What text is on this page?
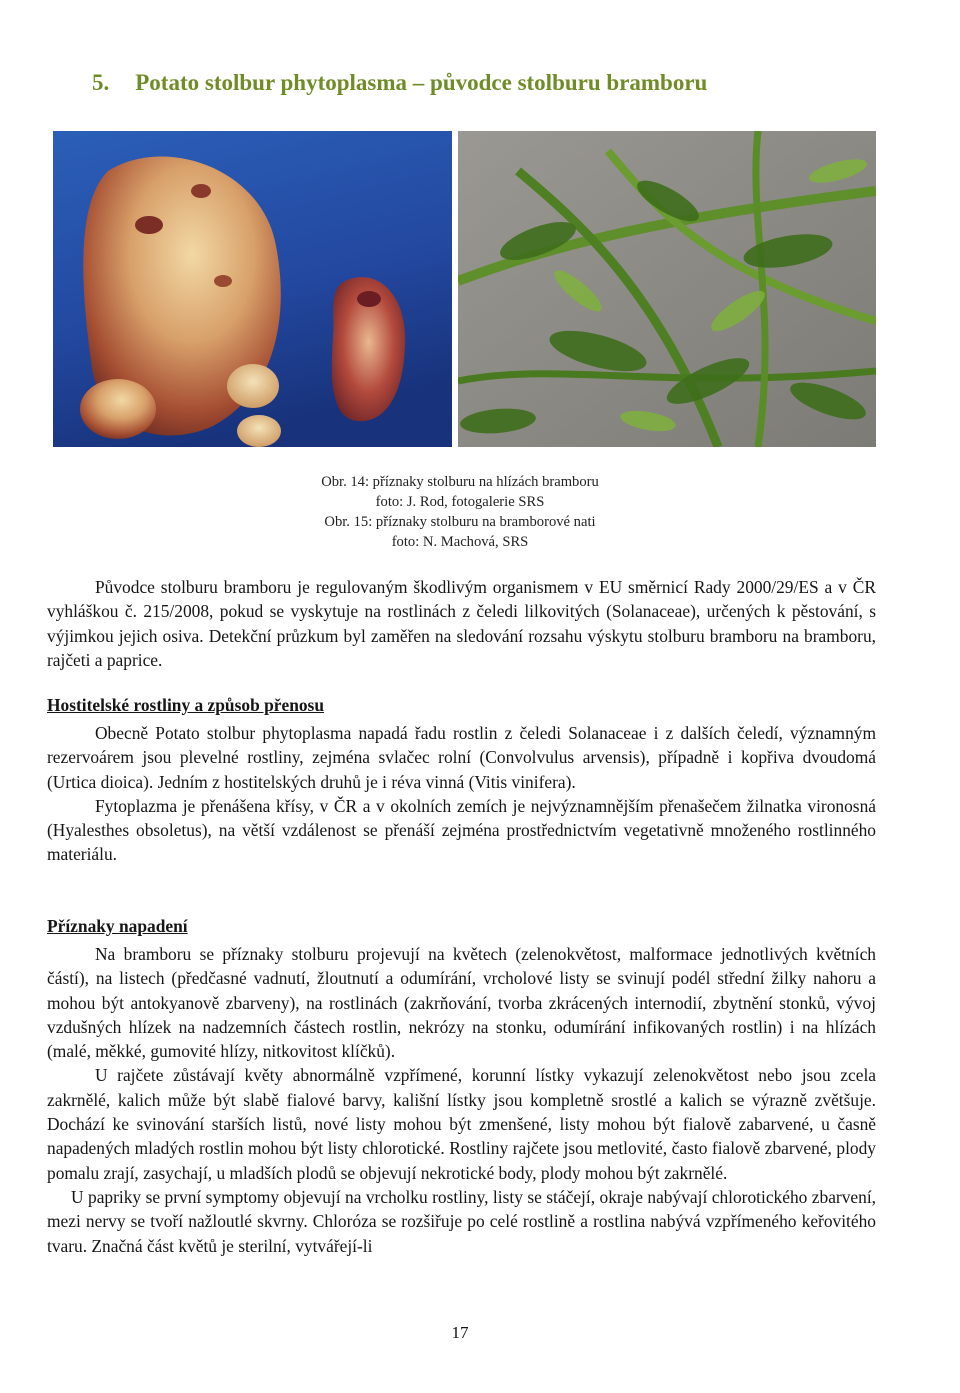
5. Potato stolbur phytoplasma – původce stolburu bramboru
Obr. 14: příznaky stolburu na hlízách bramboru
foto: J. Rod, fotogalerie SRS
Obr. 15: příznaky stolburu na bramborové nati
foto: N. Machová, SRS

Původce stolburu bramboru je regulovaným škodlivým organismem v EU směrnicí Rady 2000/29/ES a v ČR vyhláškou č. 215/2008, pokud se vyskytuje na rostlinách z čeledi lilkovitých (Solanaceae), určených k pěstování, s výjimkou jejich osiva. Detekční průzkum byl zaměřen na sledování rozsahu výskytu stolburu bramboru na bramboru, rajčeti a paprice.

Hostitelské rostliny a způsob přenosu

Obecně Potato stolbur phytoplasma napadá řadu rostlin z čeledi Solanaceae i z dalších čeledí, významným rezervoárem jsou plevelné rostliny, zejména svlačec rolní (Convolvulus arvensis), případně i kopřiva dvoudomá (Urtica dioica). Jedním z hostitelských druhů je i réva vinná (Vitis vinifera).

Fytoplazma je přenášena křísy, v ČR a v okolních zemích je nejvýznamnějším přenašečem žilnatka vironosná (Hyalesthes obsoletus), na větší vzdálenost se přenáší zejména prostřednictvím vegetativně množeného rostlinného materiálu.

Příznaky napadení

Na bramboru se příznaky stolburu projevují na květech (zelenokvětost, malformace jednotlivých květních částí), na listech (předčasné vadnutí, žloutnutí a odumírání, vrcholové listy se svinují podél střední žilky nahoru a mohou být antokyanově zbarveny), na rostlinách (zakrňování, tvorba zkrácených internodií, zbytnění stonků, vývoj vzdušných hlízek na nadzemních částech rostlin, nekrózy na stonku, odumírání infikovaných rostlin) i na hlízách (malé, měkké, gumovité hlízy, nitkovitost klíčků).

U rajčete zůstávají květy abnormálně vzpřímené, korunní lístky vykazují zelenokvětost nebo jsou zcela zakrnělé, kalich může být slabě fialové barvy, kališní lístky jsou kompletně srostlé a kalich se výrazně zvětšuje. Dochází ke svinování starších listů, nové listy mohou být zmenšené, listy mohou být fialově zabarvené, u časně napadených mladých rostlin mohou být listy chlorotické. Rostliny rajčete jsou metlovité, často fialově zbarvené, plody pomalu zrají, zasychají, u mladších plodů se objevují nekrotické body, plody mohou být zakrnělé.

U papriky se první symptomy objevují na vrcholku rostliny, listy se stáčejí, okraje nabývají chlorotického zbarvení, mezi nervy se tvoří nažloutlé skvrny. Chloróza se rozšiřuje po celé rostlině a rostlina nabývá vzpřímeného keřovitého tvaru. Značná část květů je sterilní, vytvářejí-li

17
